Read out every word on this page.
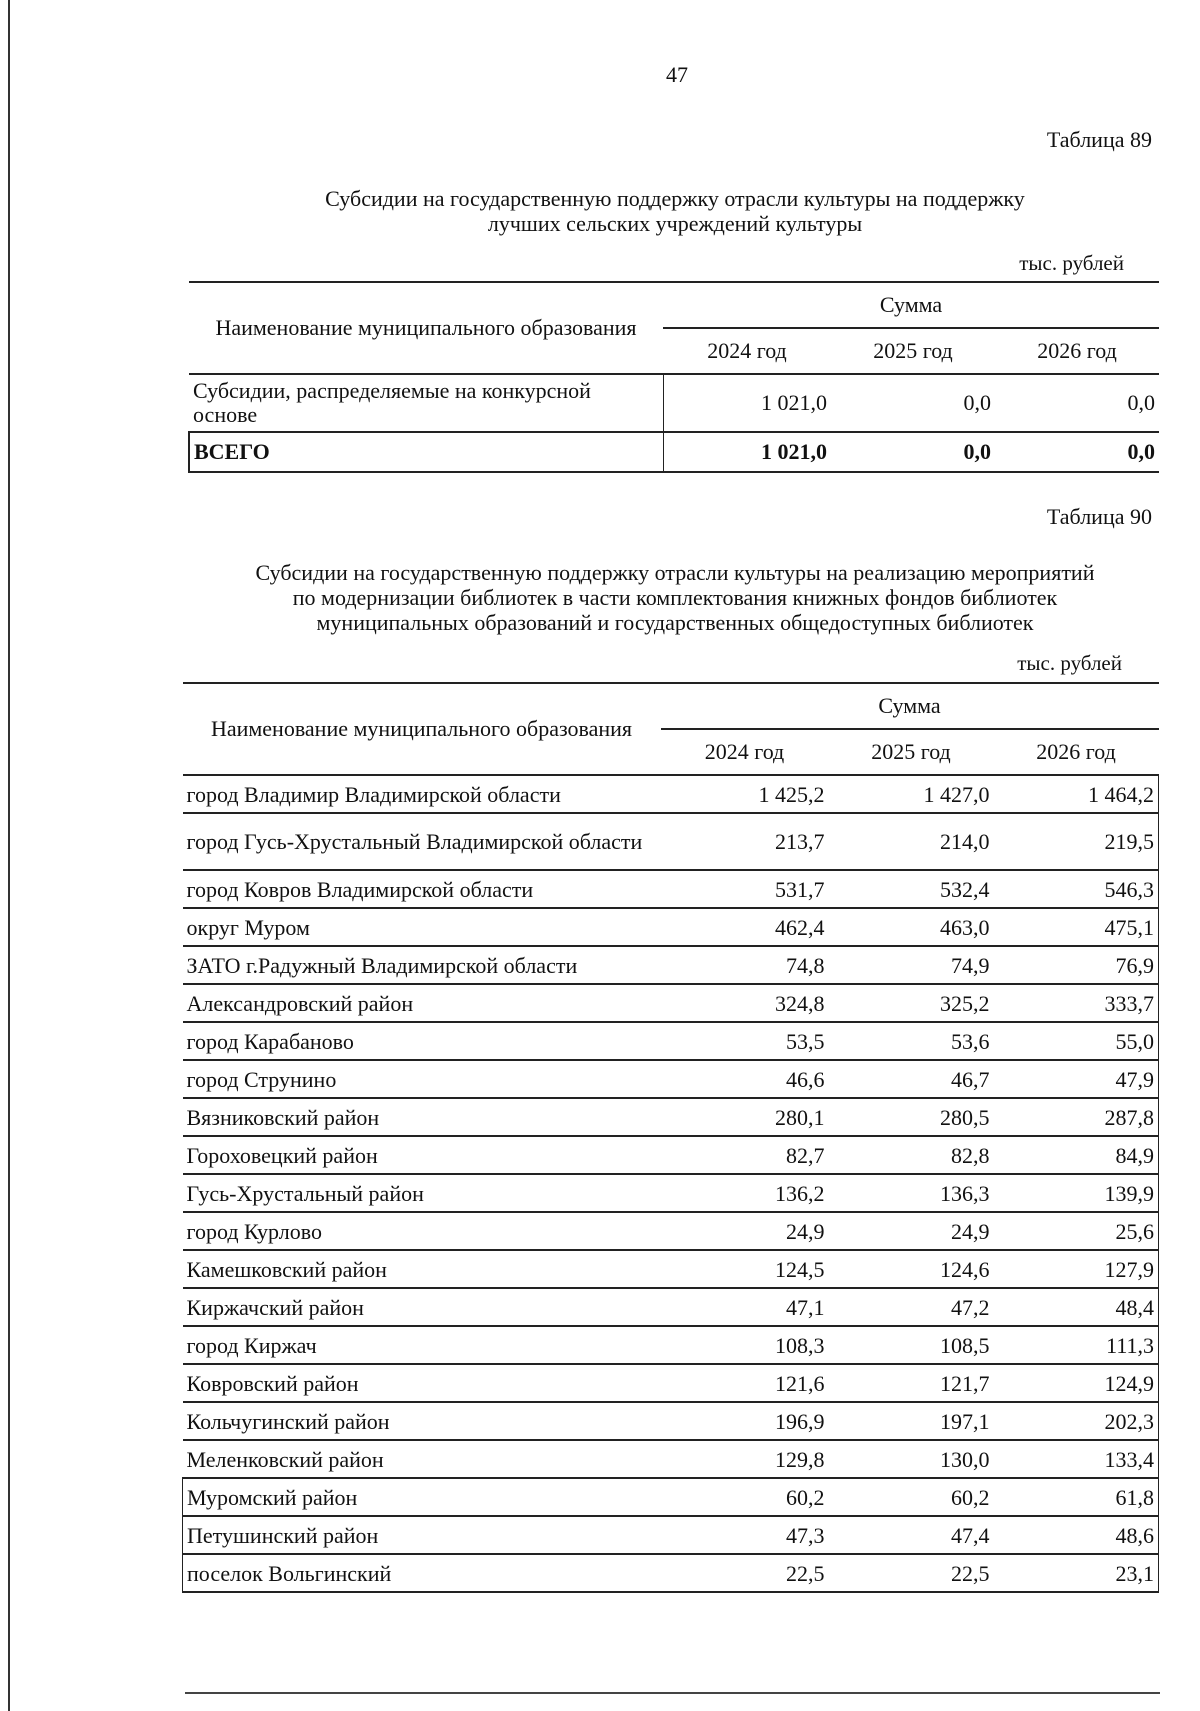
47
Таблица 89
Субсидии на государственную поддержку отрасли культуры на поддержку
лучших сельских учреждений культуры
тыс. рублей
Наименование муниципального образования	Сумма		
	2024 год	2025 год	2026 год
Субсидии, распределяемые на конкурсной основе	1 021,0	0,0	0,0
ВСЕГО	1 021,0	0,0	0,0
Таблица 90
Субсидии на государственную поддержку отрасли культуры на реализацию мероприятий
по модернизации библиотек в части комплектования книжных фондов библиотек
муниципальных образований и государственных общедоступных библиотек
тыс. рублей
Наименование муниципального образования	Сумма		
	2024 год	2025 год	2026 год
город Владимир Владимирской области	1 425,2	1 427,0	1 464,2
город Гусь-Хрустальный Владимирской области	213,7	214,0	219,5
город Ковров Владимирской области	531,7	532,4	546,3
округ Муром	462,4	463,0	475,1
ЗАТО г.Радужный Владимирской области	74,8	74,9	76,9
Александровский район	324,8	325,2	333,7
город Карабаново	53,5	53,6	55,0
город Струнино	46,6	46,7	47,9
Вязниковский район	280,1	280,5	287,8
Гороховецкий район	82,7	82,8	84,9
Гусь-Хрустальный район	136,2	136,3	139,9
город Курлово	24,9	24,9	25,6
Камешковский район	124,5	124,6	127,9
Киржачский район	47,1	47,2	48,4
город Киржач	108,3	108,5	111,3
Ковровский район	121,6	121,7	124,9
Кольчугинский район	196,9	197,1	202,3
Меленковский район	129,8	130,0	133,4
Муромский район	60,2	60,2	61,8
Петушинский район	47,3	47,4	48,6
поселок Вольгинский	22,5	22,5	23,1
